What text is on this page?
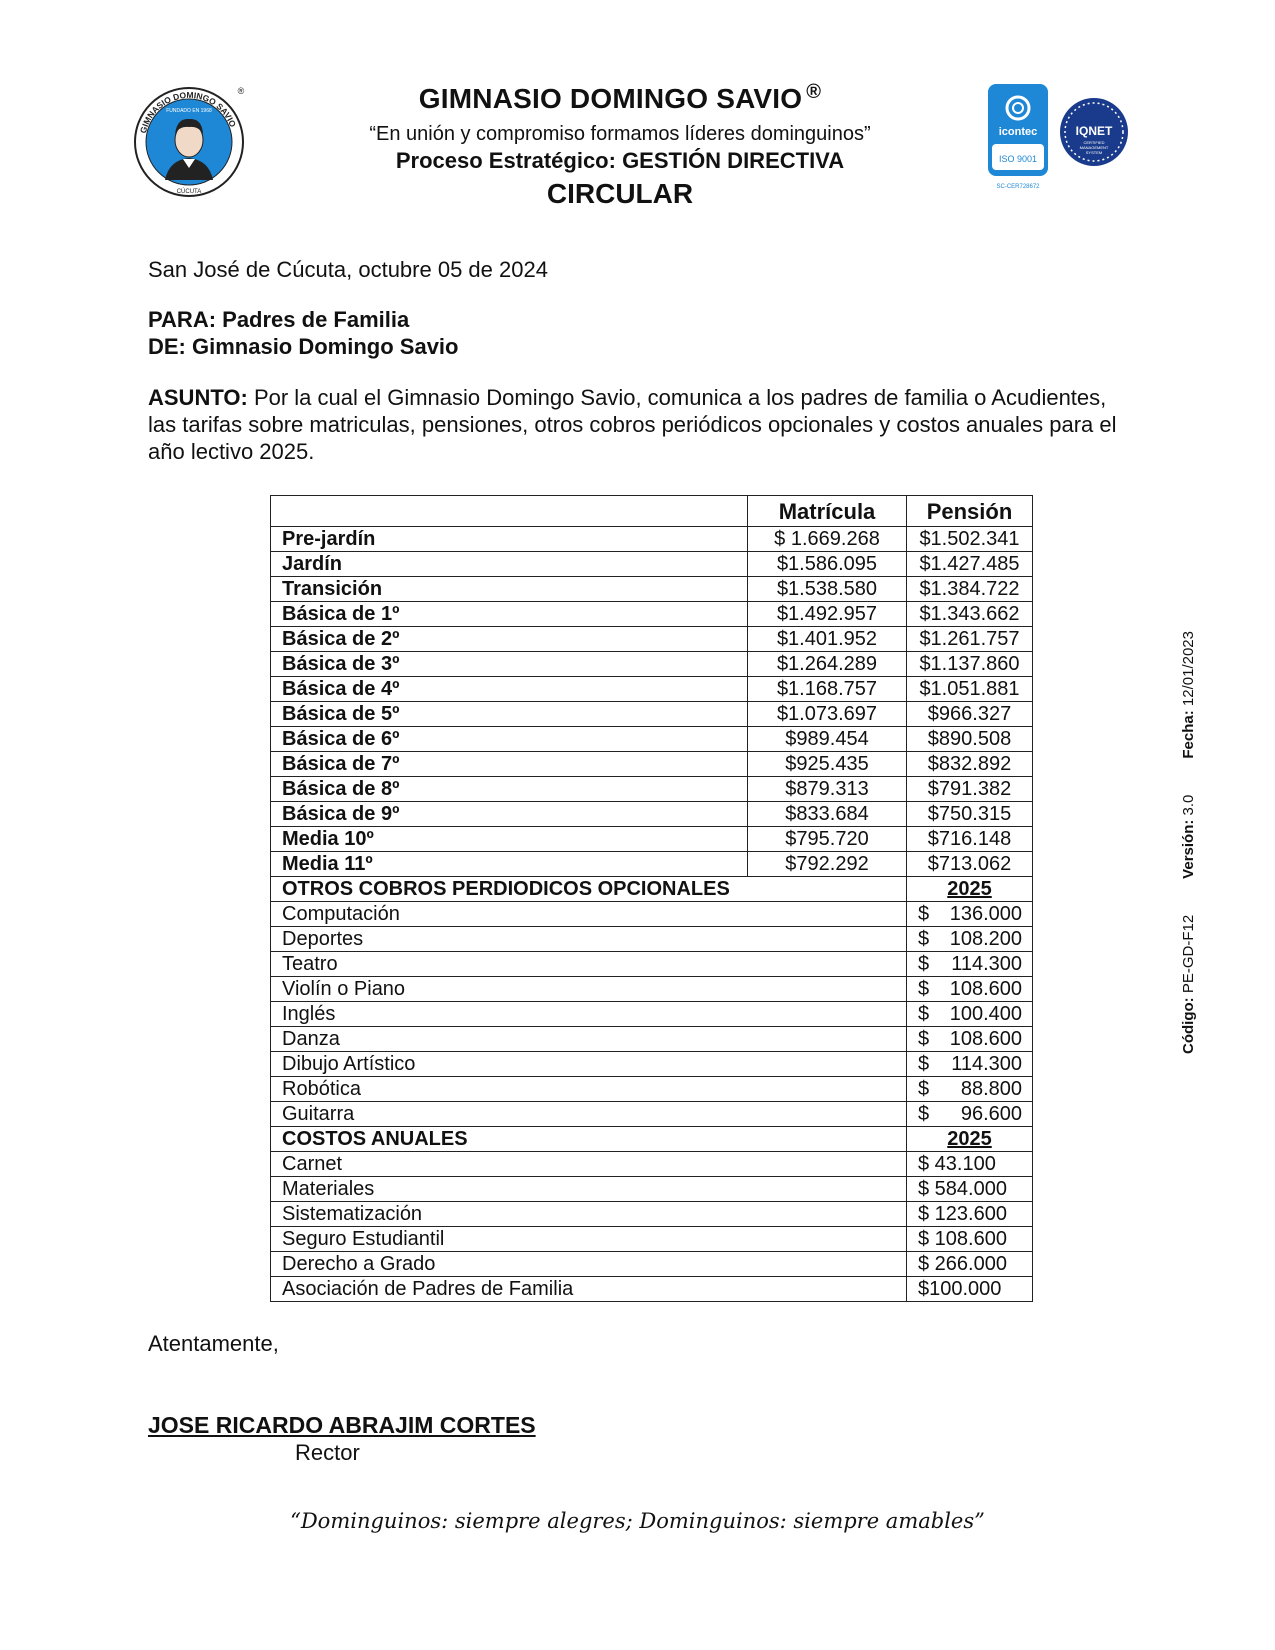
GIMNASIO DOMINGO SAVIO
FUNDADO EN 1968
CÚCUTA
®	GIMNASIO DOMINGO SAVIO ®
“En unión y compromiso formamos líderes dominguinos”
Proceso Estratégico: GESTIÓN DIRECTIVA
CIRCULAR
icontec
ISO 9001
SC-CER728672
IQNET
CERTIFIED
MANAGEMENT
SYSTEM
San José de Cúcuta, octubre 05 de 2024
PARA: Padres de Familia
DE: Gimnasio Domingo Savio
ASUNTO: Por la cual el Gimnasio Domingo Savio, comunica a los padres de familia o Acudientes, las tarifas sobre matriculas, pensiones, otros cobros periódicos opcionales y costos anuales para el año lectivo 2025.
	Matrícula	Pensión
Pre-jardín	$ 1.669.268	$1.502.341
Jardín	$1.586.095	$1.427.485
Transición	$1.538.580	$1.384.722
Básica de 1º	$1.492.957	$1.343.662
Básica de 2º	$1.401.952	$1.261.757
Básica de 3º	$1.264.289	$1.137.860
Básica de 4º	$1.168.757	$1.051.881
Básica de 5º	$1.073.697	$966.327
Básica de 6º	$989.454	$890.508
Básica de 7º	$925.435	$832.892
Básica de 8º	$879.313	$791.382
Básica de 9º	$833.684	$750.315
Media 10º	$795.720	$716.148
Media 11º	$792.292	$713.062
OTROS COBROS PERDIODICOS OPCIONALES		2025
Computación		$ 136.000

Deportes		$ 108.200

Teatro		$ 114.300

Violín o Piano		$ 108.600

Inglés		$ 100.400

Danza		$ 108.600

Dibujo Artístico		$ 114.300

Robótica		$ 88.800

Guitarra		$ 96.600

COSTOS ANUALES		2025
Carnet		$ 43.100
Materiales		$ 584.000
Sistematización		$ 123.600
Seguro Estudiantil		$ 108.600
Derecho a Grado		$ 266.000
Asociación de Padres de Familia		$100.000
Atentamente,
JOSE RICARDO ABRAJIM CORTES
Rector
“Dominguinos: siempre alegres; Dominguinos: siempre amables”
Código: PE-GD-F12Versión: 3.0Fecha: 12/01/2023
